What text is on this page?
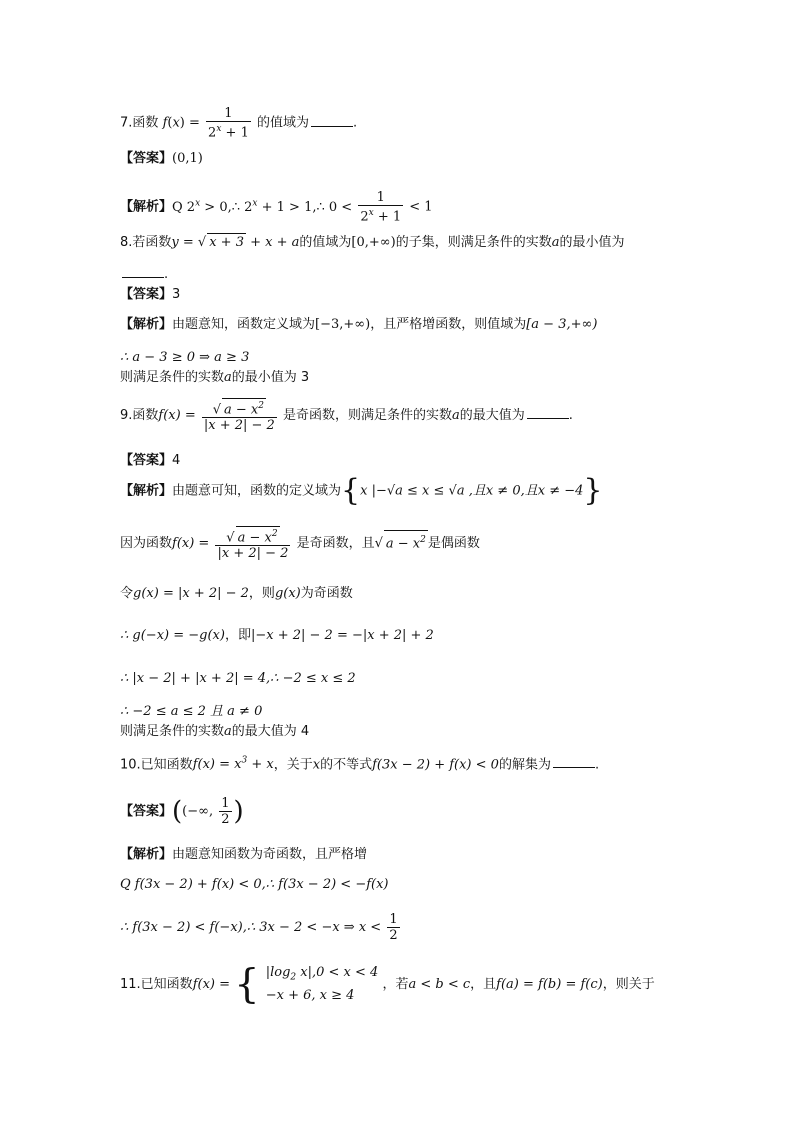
7.函数 $f(x) = \frac{1}{2^x + 1}$ 的值域为	.
【答案】(0,1)
【解析】Q $2^x$ > 0,∴ $2^x + 1$ > 1,∴ $0 < \frac{1}{2^x + 1} < 1$
8.若函数y = √ x + 3 + x + a的值域为[0,+∞)的子集，则满足条件的实数a的最小值为
.
【答案】3
【解析】由题意知，函数定义域为[−3,+∞)，且严格增函数，则值域为[a − 3,+∞)
∴ a − 3 ≥ 0 ⇒ a ≥ 3
则满足条件的实数a的最小值为 3
9.函数$f(x) = \frac{√ a - x^2}{|x + 2| - 2}$ 是奇函数，则满足条件的实数a的最大值为	.
【答案】4
【解析】由题意可知，函数的定义域为{x |−√a ≤ x ≤ √a ,且x ≠ 0,且x ≠ −4}
因为函数$f(x) = \frac{√ a - x^2}{|x + 2| - 2}$ 是奇函数，且√ $a - x^2$ 是偶函数
令g(x) = |x + 2| − 2，则g(x)为奇函数
∴ g(−x) = −g(x)，即|−x + 2| − 2 = −|x + 2| + 2
∴ |x − 2| + |x + 2| = 4,∴ −2 ≤ x ≤ 2
∴ −2 ≤ a ≤ 2 且 a ≠ 0
则满足条件的实数a的最大值为 4
10.已知函数$f(x) = x^3 + x$，关于x的不等式f(3x − 2) + f(x) < 0的解集为	.
【答案】((−∞, $\frac{1}{2}$ )
【解析】由题意知函数为奇函数，且严格增
Q f(3x − 2) + f(x) < 0,∴ f(3x − 2) < −f(x)
∴ f(3x − 2) < f(−x),∴ 3x − 2 < −x ⇒ $x < \frac{1}{2}$
11.已知函数f(x) = { $|\log_2$ x|,0 < x < 4
−x + 6, x ≥ 4
，若a < b < c，且f(a) = f(b) = f(c)，则关于
